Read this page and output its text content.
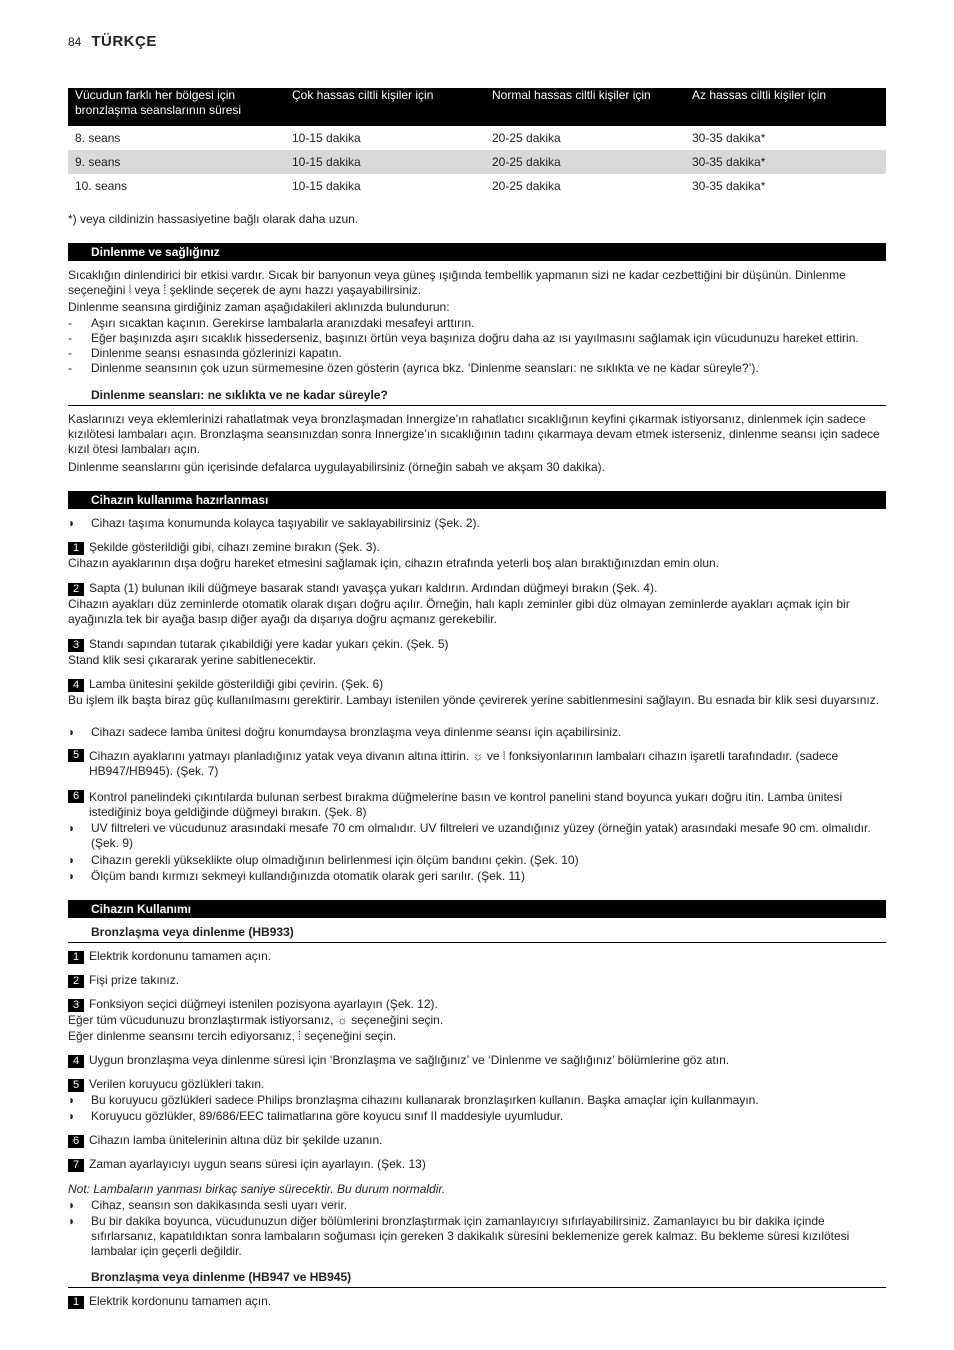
84 TÜRKÇE
Vücudun farklı her bölgesi için bronzlaşma seanslarının süresi	Çok hassas ciltli kişiler için	Normal hassas ciltli kişiler için	Az hassas ciltli kişiler için
8. seans	10-15 dakika	20-25 dakika	30-35 dakika*
9. seans	10-15 dakika	20-25 dakika	30-35 dakika*
10. seans	10-15 dakika	20-25 dakika	30-35 dakika*
*) veya cildinizin hassasiyetine bağlı olarak daha uzun.
Dinlenme ve sağlığınız
Sıcaklığın dinlendirici bir etkisi vardır. Sıcak bir banyonun veya güneş ışığında tembellik yapmanın sizi ne kadar cezbettiğini bir düşünün. Dinlenme seçeneğini ⦚ veya ⦙ şeklinde seçerek de aynı hazzı yaşayabilirsiniz.
Dinlenme seansına girdiğiniz zaman aşağıdakileri aklınızda bulundurun:
- Aşırı sıcaktan kaçının. Gerekirse lambalarla aranızdaki mesafeyi arttırın.
- Eğer başınızda aşırı sıcaklık hissederseniz, başınızı örtün veya başınıza doğru daha az ısı yayılmasını sağlamak için vücudunuzu hareket ettirin.
- Dinlenme seansı esnasında gözlerinizi kapatın.
- Dinlenme seansının çok uzun sürmemesine özen gösterin (ayrıca bkz. ‘Dinlenme seansları: ne sıklıkta ve ne kadar süreyle?’).
Dinlenme seansları: ne sıklıkta ve ne kadar süreyle?
Kaslarınızı veya eklemlerinizi rahatlatmak veya bronzlaşmadan Innergize’ın rahatlatıcı sıcaklığının keyfini çıkarmak istiyorsanız, dinlenmek için sadece kızılötesi lambaları açın. Bronzlaşma seansınızdan sonra Innergize’ın sıcaklığının tadını çıkarmaya devam etmek isterseniz, dinlenme seansı için sadece kızıl ötesi lambaları açın.
Dinlenme seanslarını gün içerisinde defalarca uygulayabilirsiniz (örneğin sabah ve akşam 30 dakika).
Cihazın kullanıma hazırlanması
◗ Cihazı taşıma konumunda kolayca taşıyabilir ve saklayabilirsiniz (Şek. 2).
1 Şekilde gösterildiği gibi, cihazı zemine bırakın (Şek. 3).
Cihazın ayaklarının dışa doğru hareket etmesini sağlamak için, cihazın etrafında yeterli boş alan bıraktığınızdan emin olun.
2 Sapta (1) bulunan ikili düğmeye basarak standı yavaşça yukarı kaldırın. Ardından düğmeyi bırakın (Şek. 4).
Cihazın ayakları düz zeminlerde otomatik olarak dışarı doğru açılır. Örneğin, halı kaplı zeminler gibi düz olmayan zeminlerde ayakları açmak için bir ayağınızla tek bir ayağa basıp diğer ayağı da dışarıya doğru açmanız gerekebilir.
3 Standı sapından tutarak çıkabildiği yere kadar yukarı çekin. (Şek. 5)
Stand klik sesi çıkararak yerine sabitlenecektir.
4 Lamba ünitesini şekilde gösterildiği gibi çevirin. (Şek. 6)
Bu işlem ilk başta biraz güç kullanılmasını gerektirir. Lambayı istenilen yönde çevirerek yerine sabitlenmesini sağlayın. Bu esnada bir klik sesi duyarsınız.
◗ Cihazı sadece lamba ünitesi doğru konumdaysa bronzlaşma veya dinlenme seansı için açabilirsiniz.
5 Cihazın ayaklarını yatmayı planladığınız yatak veya divanın altına ittirin. ☼ ve ⦚ fonksiyonlarının lambaları cihazın işaretli tarafındadır. (sadece HB947/HB945). (Şek. 7)
6 Kontrol panelindeki çıkıntılarda bulunan serbest bırakma düğmelerine basın ve kontrol panelini stand boyunca yukarı doğru itin. Lamba ünitesi istediğiniz boya geldiğinde düğmeyi bırakın. (Şek. 8)
◗	UV filtreleri ve vücudunuz arasındaki mesafe 70 cm olmalıdır. UV filtreleri ve uzandığınız yüzey (örneğin yatak) arasındaki mesafe 90 cm. olmalıdır. (Şek. 9)
◗ Cihazın gerekli yükseklikte olup olmadığının belirlenmesi için ölçüm bandını çekin. (Şek. 10)
◗ Ölçüm bandı kırmızı sekmeyi kullandığınızda otomatik olarak geri sarılır. (Şek. 11)
Cihazın Kullanımı
Bronzlaşma veya dinlenme (HB933)
1 Elektrik kordonunu tamamen açın.
2 Fişi prize takınız.
3 Fonksiyon seçici düğmeyi istenilen pozisyona ayarlayın (Şek. 12).
Eğer tüm vücudunuzu bronzlaştırmak istiyorsanız, ☼ seçeneğini seçin.
Eğer dinlenme seansını tercih ediyorsanız, ⦙ seçeneğini seçin.
4 Uygun bronzlaşma veya dinlenme süresi için ‘Bronzlaşma ve sağlığınız’ ve ‘Dinlenme ve sağlığınız’ bölümlerine göz atın.
5 Verilen koruyucu gözlükleri takın.
◗ Bu koruyucu gözlükleri sadece Philips bronzlaşma cihazını kullanarak bronzlaşırken kullanın. Başka amaçlar için kullanmayın.
◗ Koruyucu gözlükler, 89/686/EEC talimatlarına göre koyucu sınıf II maddesiyle uyumludur.
6 Cihazın lamba ünitelerinin altına düz bir şekilde uzanın.
7 Zaman ayarlayıcıyı uygun seans süresi için ayarlayın. (Şek. 13)
Not: Lambaların yanması birkaç saniye sürecektir. Bu durum normaldir.
◗ Cihaz, seansın son dakikasında sesli uyarı verir.
◗	Bu bir dakika boyunca, vücudunuzun diğer bölümlerini bronzlaştırmak için zamanlayıcıyı sıfırlayabilirsiniz. Zamanlayıcı bu bir dakika içinde sıfırlarsanız, kapatıldıktan sonra lambaların soğuması için gereken 3 dakikalık süresini beklemenize gerek kalmaz. Bu bekleme süresi kızılötesi lambalar için geçerli değildir.
Bronzlaşma veya dinlenme (HB947 ve HB945)
1 Elektrik kordonunu tamamen açın.
